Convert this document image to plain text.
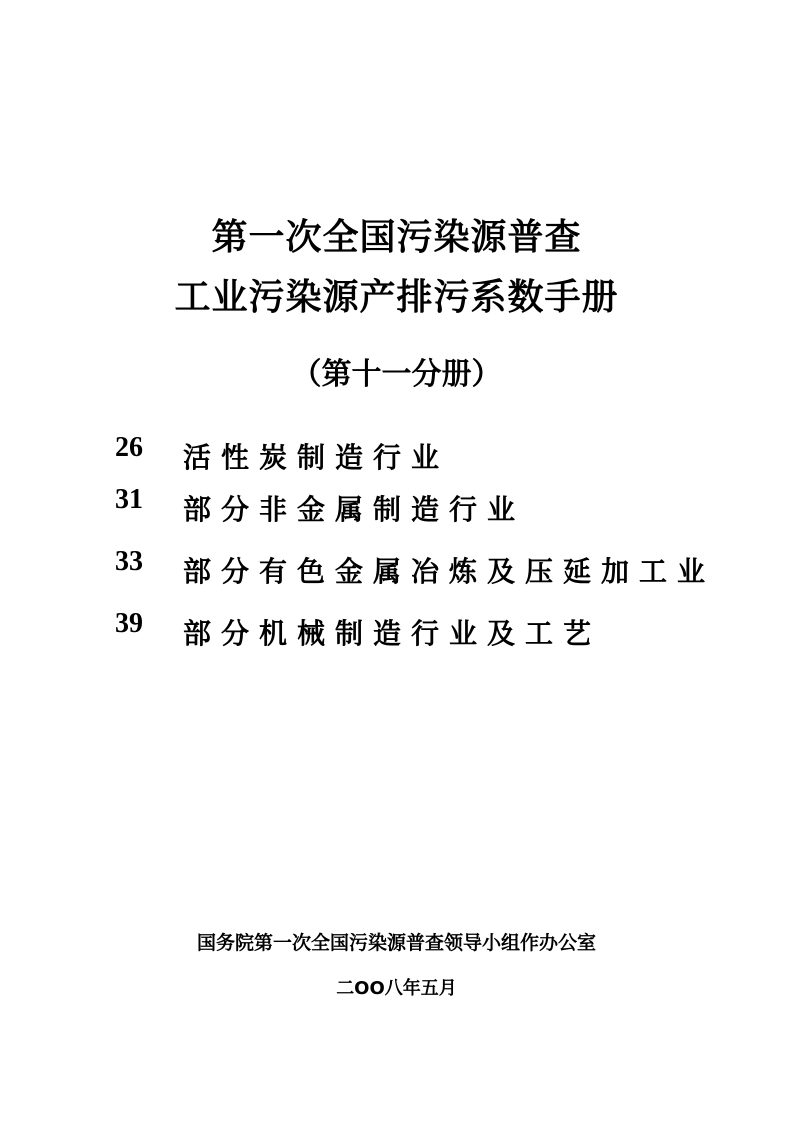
第一次全国污染源普查
工业污染源产排污系数手册
（第十一分册）
26 活性炭制造行业
31 部分非金属制造行业
33 部分有色金属冶炼及压延加工业
39 部分机械制造行业及工艺
国务院第一次全国污染源普查领导小组作办公室
二OO八年五月
